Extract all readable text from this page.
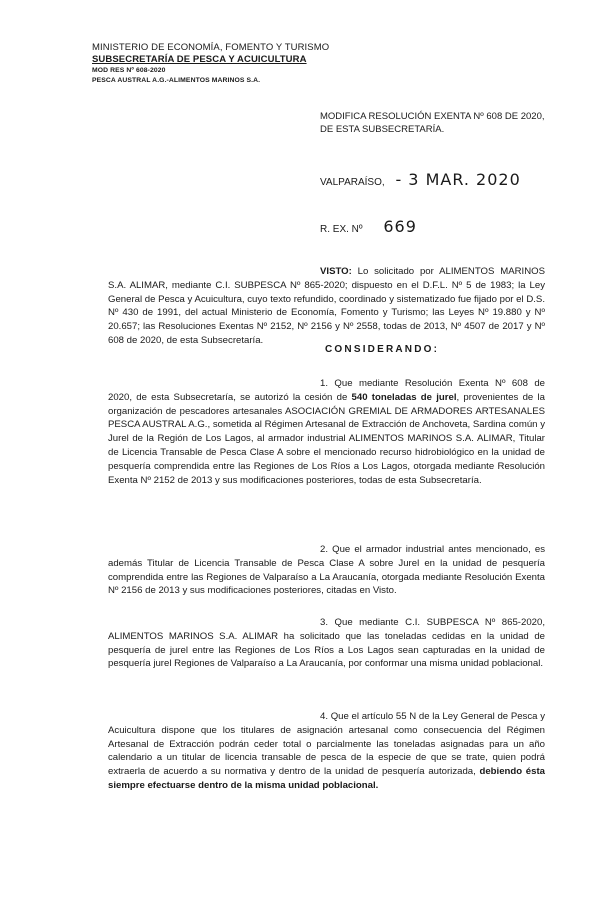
MINISTERIO DE ECONOMÍA, FOMENTO Y TURISMO
SUBSECRETARÍA DE PESCA Y ACUICULTURA
MOD RES Nº 608-2020
PESCA AUSTRAL A.G.-ALIMENTOS MARINOS S.A.
MODIFICA RESOLUCIÓN EXENTA Nº 608 DE 2020, DE ESTA SUBSECRETARÍA.
VALPARAÍSO, - 3 MAR. 2020
R. EX. Nº 669

VISTO: Lo solicitado por ALIMENTOS MARINOS S.A. ALIMAR, mediante C.I. SUBPESCA Nº 865-2020; dispuesto en el D.F.L. Nº 5 de 1983; la Ley General de Pesca y Acuicultura, cuyo texto refundido, coordinado y sistematizado fue fijado por el D.S. Nº 430 de 1991, del actual Ministerio de Economía, Fomento y Turismo; las Leyes Nº 19.880 y Nº 20.657; las Resoluciones Exentas Nº 2152, Nº 2156 y Nº 2558, todas de 2013, Nº 4507 de 2017 y Nº 608 de 2020, de esta Subsecretaría.

CONSIDERANDO:

1. Que mediante Resolución Exenta Nº 608 de 2020, de esta Subsecretaría, se autorizó la cesión de 540 toneladas de jurel, provenientes de la organización de pescadores artesanales ASOCIACIÓN GREMIAL DE ARMADORES ARTESANALES PESCA AUSTRAL A.G., sometida al Régimen Artesanal de Extracción de Anchoveta, Sardina común y Jurel de la Región de Los Lagos, al armador industrial ALIMENTOS MARINOS S.A. ALIMAR, Titular de Licencia Transable de Pesca Clase A sobre el mencionado recurso hidrobiológico en la unidad de pesquería comprendida entre las Regiones de Los Ríos a Los Lagos, otorgada mediante Resolución Exenta Nº 2152 de 2013 y sus modificaciones posteriores, todas de esta Subsecretaría.

2. Que el armador industrial antes mencionado, es además Titular de Licencia Transable de Pesca Clase A sobre Jurel en la unidad de pesquería comprendida entre las Regiones de Valparaíso a La Araucanía, otorgada mediante Resolución Exenta Nº 2156 de 2013 y sus modificaciones posteriores, citadas en Visto.

3. Que mediante C.I. SUBPESCA Nº 865-2020, ALIMENTOS MARINOS S.A. ALIMAR ha solicitado que las toneladas cedidas en la unidad de pesquería de jurel entre las Regiones de Los Ríos a Los Lagos sean capturadas en la unidad de pesquería jurel Regiones de Valparaíso a La Araucanía, por conformar una misma unidad poblacional.

4. Que el artículo 55 N de la Ley General de Pesca y Acuicultura dispone que los titulares de asignación artesanal como consecuencia del Régimen Artesanal de Extracción podrán ceder total o parcialmente las toneladas asignadas para un año calendario a un titular de licencia transable de pesca de la especie de que se trate, quien podrá extraerla de acuerdo a su normativa y dentro de la unidad de pesquería autorizada, debiendo ésta siempre efectuarse dentro de la misma unidad poblacional.
